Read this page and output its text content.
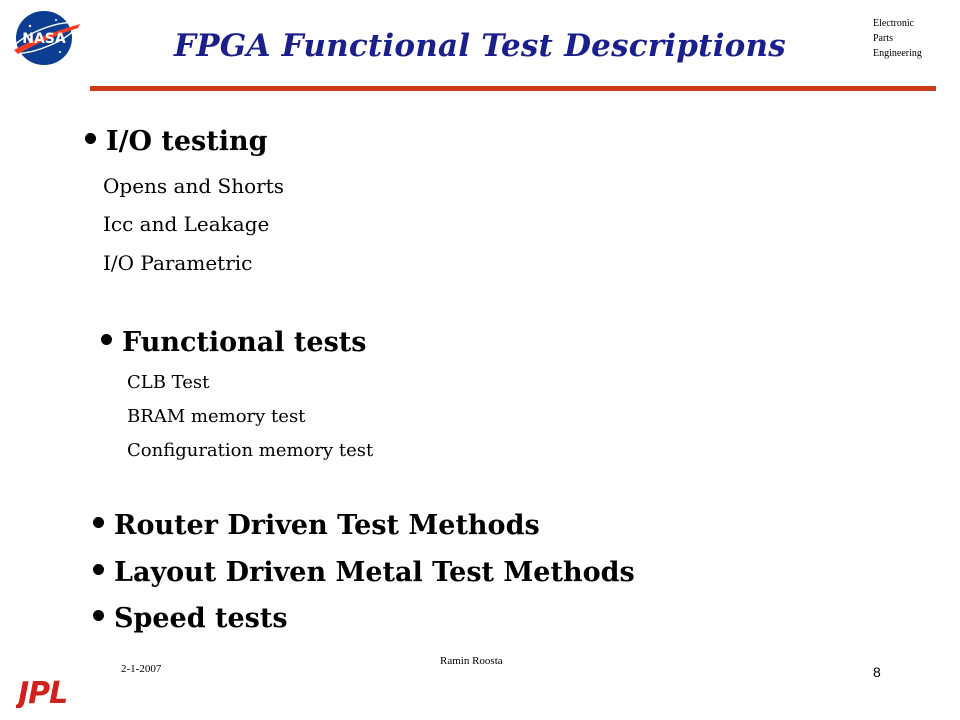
NASA	FPGA Functional Test Descriptions
Electronic
Parts
Engineering
I/O testing
Opens and Shorts
Icc and Leakage
I/O Parametric
Functional tests
CLB Test
BRAM memory test
Configuration memory test
Router Driven Test Methods
Layout Driven Metal Test Methods
Speed tests
Ramin Roosta
2-1-2007	8
JPL
